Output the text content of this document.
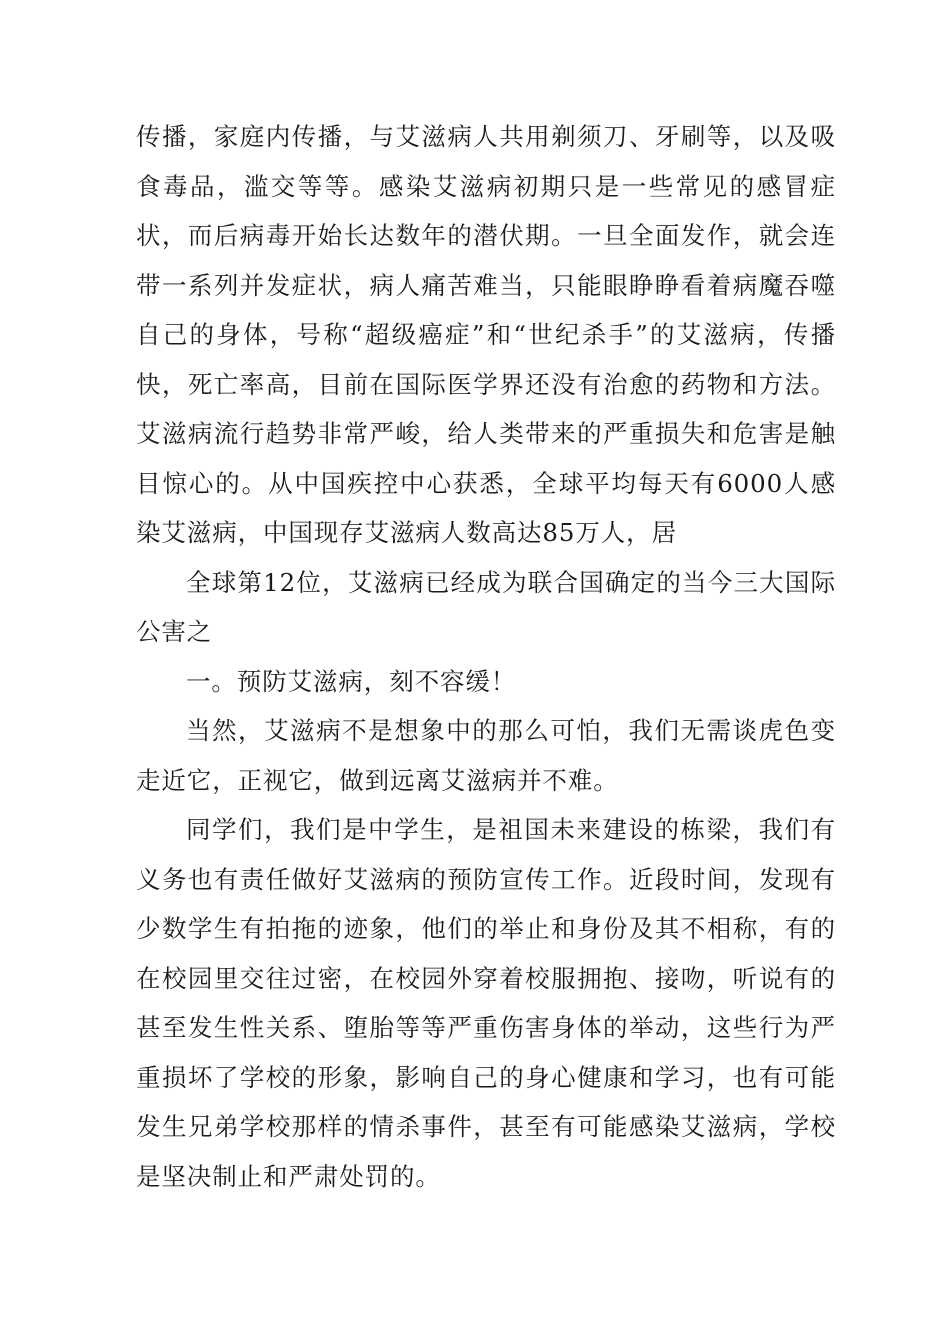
传播，家庭内传播，与艾滋病人共用剃须刀、牙刷等，以及吸食毒品，滥交等等。感染艾滋病初期只是一些常见的感冒症状，而后病毒开始长达数年的潜伏期。一旦全面发作，就会连带一系列并发症状，病人痛苦难当，只能眼睁睁看着病魔吞噬自己的身体，号称“超级癌症”和“世纪杀手”的艾滋病，传播快，死亡率高，目前在国际医学界还没有治愈的药物和方法。艾滋病流行趋势非常严峻，给人类带来的严重损失和危害是触目惊心的。从中国疾控中心获悉，全球平均每天有6000人感染艾滋病，中国现存艾滋病人数高达85万人，居

全球第12位，艾滋病已经成为联合国确定的当今三大国际公害之

一。预防艾滋病，刻不容缓！

当然，艾滋病不是想象中的那么可怕，我们无需谈虎色变走近它，正视它，做到远离艾滋病并不难。

同学们，我们是中学生，是祖国未来建设的栋梁，我们有义务也有责任做好艾滋病的预防宣传工作。近段时间，发现有少数学生有拍拖的迹象，他们的举止和身份及其不相称，有的在校园里交往过密，在校园外穿着校服拥抱、接吻，听说有的甚至发生性关系、堕胎等等严重伤害身体的举动，这些行为严重损坏了学校的形象，影响自己的身心健康和学习，也有可能发生兄弟学校那样的情杀事件，甚至有可能感染艾滋病，学校是坚决制止和严肃处罚的。
